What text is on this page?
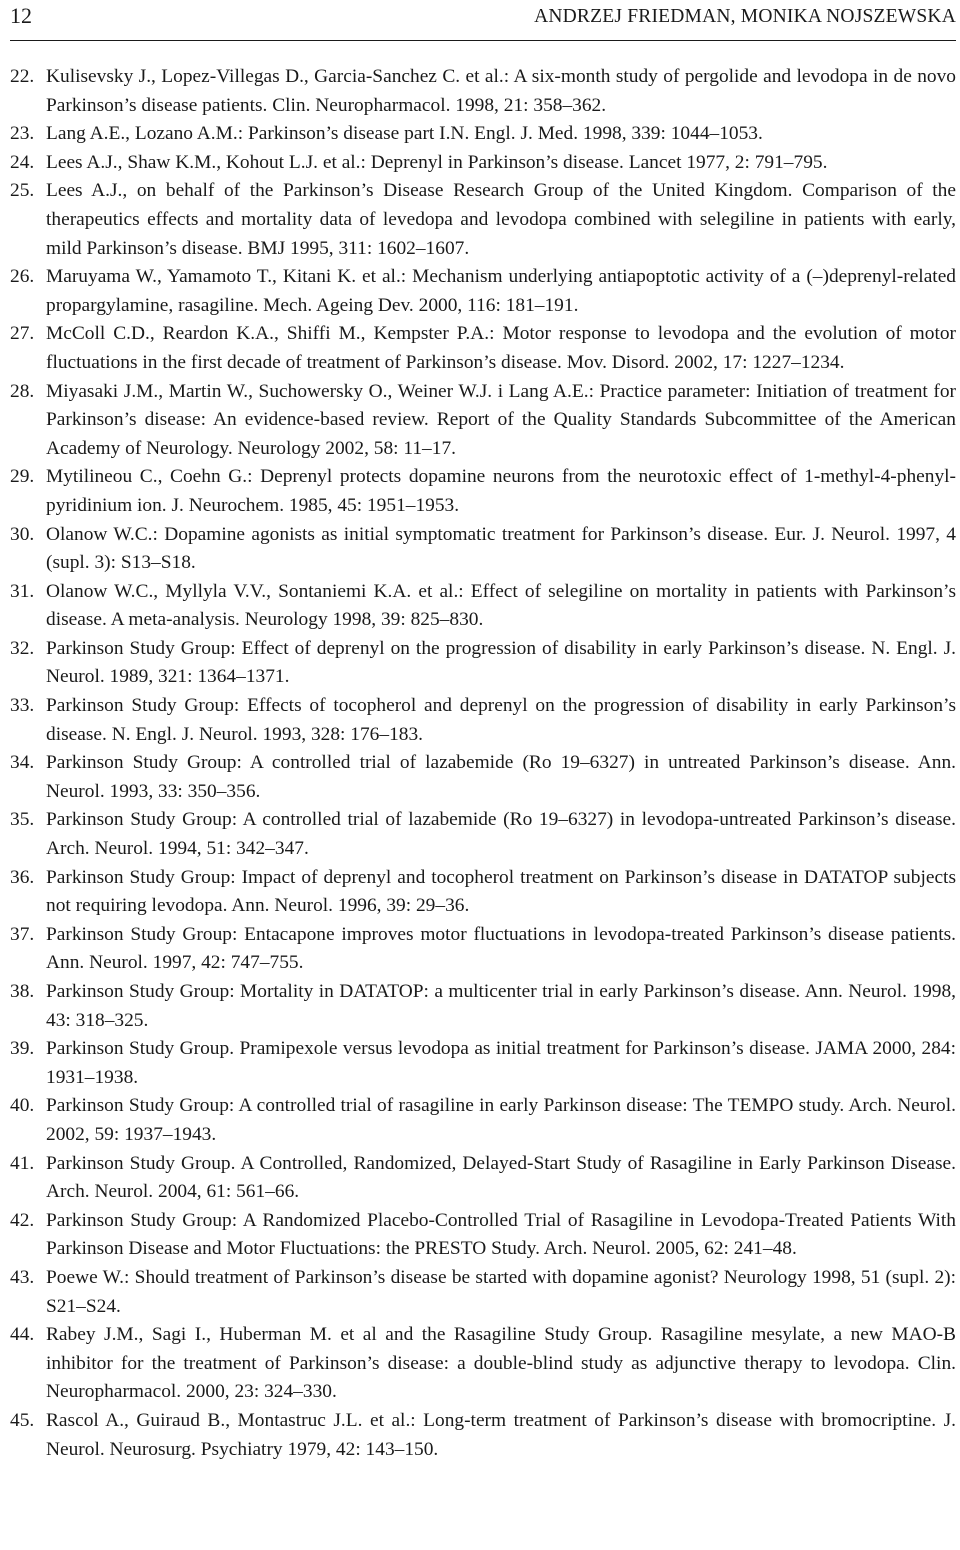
12	ANDRZEJ FRIEDMAN, MONIKA NOJSZEWSKA
22. Kulisevsky J., Lopez-Villegas D., Garcia-Sanchez C. et al.: A six-month study of pergolide and levodopa in de novo Parkinson’s disease patients. Clin. Neuropharmacol. 1998, 21: 358–362.
23. Lang A.E., Lozano A.M.: Parkinson’s disease part I.N. Engl. J. Med. 1998, 339: 1044–1053.
24. Lees A.J., Shaw K.M., Kohout L.J. et al.: Deprenyl in Parkinson’s disease. Lancet 1977, 2: 791–795.
25. Lees A.J., on behalf of the Parkinson’s Disease Research Group of the United Kingdom. Comparison of the therapeutics effects and mortality data of levedopa and levodopa combined with selegiline in patients with early, mild Parkinson’s disease. BMJ 1995, 311: 1602–1607.
26. Maruyama W., Yamamoto T., Kitani K. et al.: Mechanism underlying antiapoptotic activity of a (–)deprenyl-related propargylamine, rasagiline. Mech. Ageing Dev. 2000, 116: 181–191.
27. McColl C.D., Reardon K.A., Shiffi M., Kempster P.A.: Motor response to levodopa and the evolution of motor fluctuations in the first decade of treatment of Parkinson’s disease. Mov. Disord. 2002, 17: 1227–1234.
28. Miyasaki J.M., Martin W., Suchowersky O., Weiner W.J. i Lang A.E.: Practice parameter: Initiation of treatment for Parkinson’s disease: An evidence-based review. Report of the Quality Standards Subcommittee of the American Academy of Neurology. Neurology 2002, 58: 11–17.
29. Mytilineou C., Coehn G.: Deprenyl protects dopamine neurons from the neurotoxic effect of 1-methyl-4-phenyl-pyridinium ion. J. Neurochem. 1985, 45: 1951–1953.
30. Olanow W.C.: Dopamine agonists as initial symptomatic treatment for Parkinson’s disease. Eur. J. Neurol. 1997, 4 (supl. 3): S13–S18.
31. Olanow W.C., Myllyla V.V., Sontaniemi K.A. et al.: Effect of selegiline on mortality in patients with Parkinson’s disease. A meta-analysis. Neurology 1998, 39: 825–830.
32. Parkinson Study Group: Effect of deprenyl on the progression of disability in early Parkinson’s disease. N. Engl. J. Neurol. 1989, 321: 1364–1371.
33. Parkinson Study Group: Effects of tocopherol and deprenyl on the progression of disability in early Parkinson’s disease. N. Engl. J. Neurol. 1993, 328: 176–183.
34. Parkinson Study Group: A controlled trial of lazabemide (Ro 19–6327) in untreated Parkinson’s disease. Ann. Neurol. 1993, 33: 350–356.
35. Parkinson Study Group: A controlled trial of lazabemide (Ro 19–6327) in levodopa-untreated Parkinson’s disease. Arch. Neurol. 1994, 51: 342–347.
36. Parkinson Study Group: Impact of deprenyl and tocopherol treatment on Parkinson’s disease in DATATOP subjects not requiring levodopa. Ann. Neurol. 1996, 39: 29–36.
37. Parkinson Study Group: Entacapone improves motor fluctuations in levodopa-treated Parkinson’s disease patients. Ann. Neurol. 1997, 42: 747–755.
38. Parkinson Study Group: Mortality in DATATOP: a multicenter trial in early Parkinson’s disease. Ann. Neurol. 1998, 43: 318–325.
39. Parkinson Study Group. Pramipexole versus levodopa as initial treatment for Parkinson’s disease. JAMA 2000, 284: 1931–1938.
40. Parkinson Study Group: A controlled trial of rasagiline in early Parkinson disease: The TEMPO study. Arch. Neurol. 2002, 59: 1937–1943.
41. Parkinson Study Group. A Controlled, Randomized, Delayed-Start Study of Rasagiline in Early Parkinson Disease. Arch. Neurol. 2004, 61: 561–66.
42. Parkinson Study Group: A Randomized Placebo-Controlled Trial of Rasagiline in Levodopa-Treated Patients With Parkinson Disease and Motor Fluctuations: the PRESTO Study. Arch. Neurol. 2005, 62: 241–48.
43. Poewe W.: Should treatment of Parkinson’s disease be started with dopamine agonist? Neurology 1998, 51 (supl. 2): S21–S24.
44. Rabey J.M., Sagi I., Huberman M. et al and the Rasagiline Study Group. Rasagiline mesylate, a new MAO-B inhibitor for the treatment of Parkinson’s disease: a double-blind study as adjunctive therapy to levodopa. Clin. Neuropharmacol. 2000, 23: 324–330.
45. Rascol A., Guiraud B., Montastruc J.L. et al.: Long-term treatment of Parkinson’s disease with bromocriptine. J. Neurol. Neurosurg. Psychiatry 1979, 42: 143–150.
